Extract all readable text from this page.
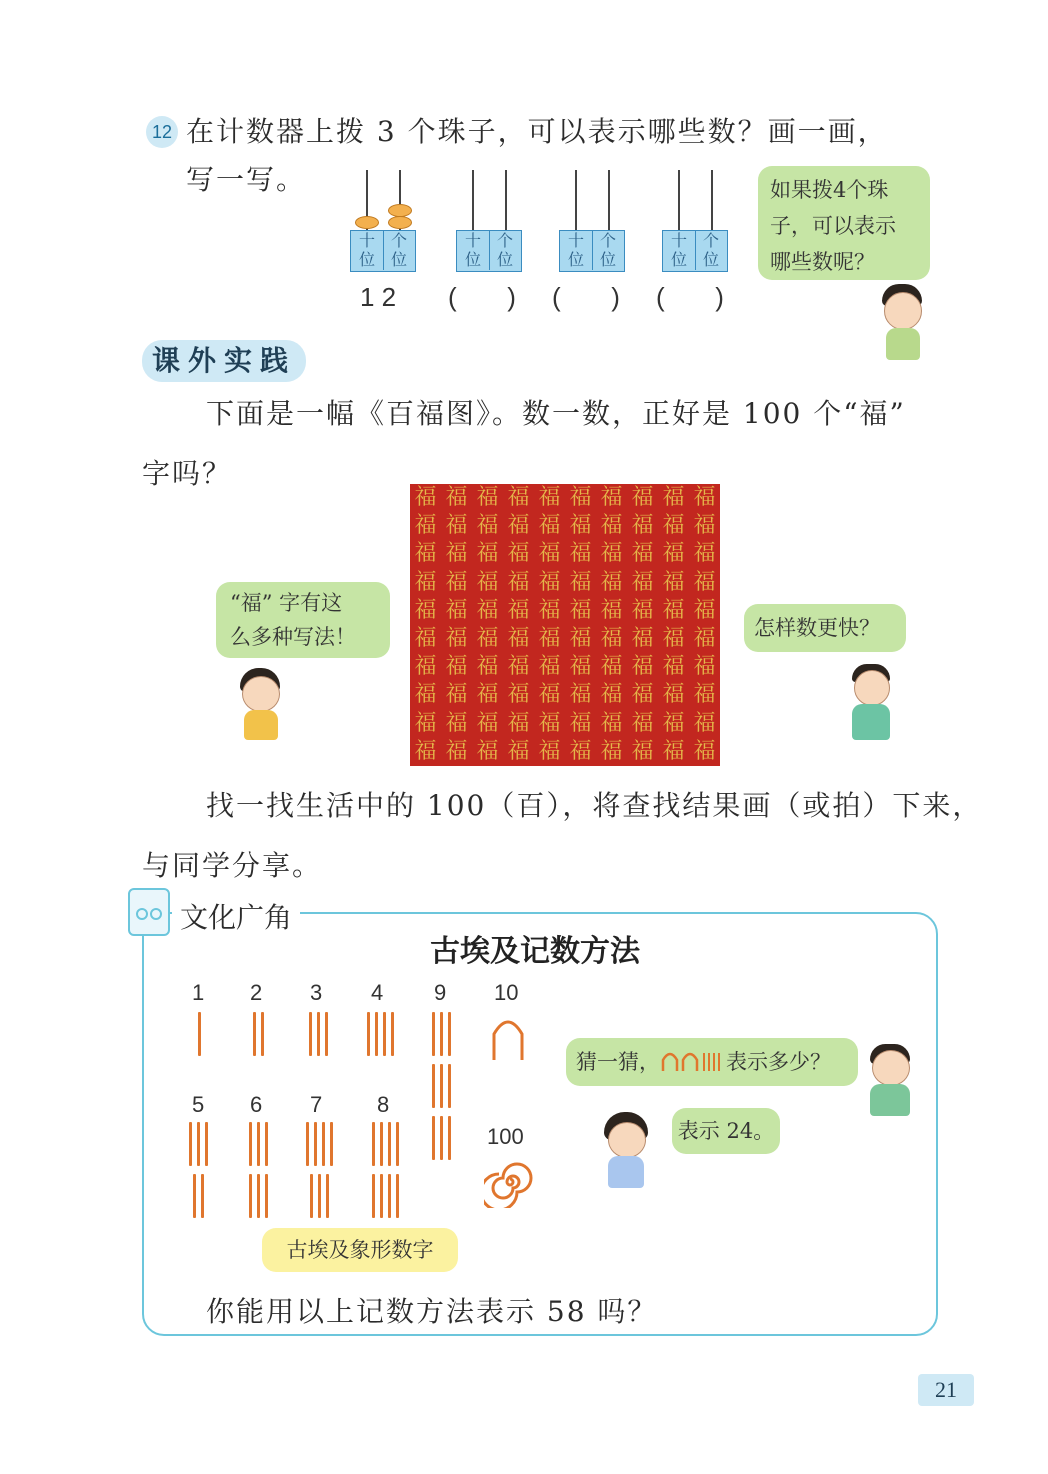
12 在计数器上拨 3 个珠子，可以表示哪些数？画一画，
写一写。
十
位
个
位
十
位
个
位
十
位
个
位
十
位
个
位
1 2 (       ) (       ) (       )
如果拨4个珠
子，可以表示
哪些数呢？
课外实践
下面是一幅《百福图》。数一数，正好是 100 个“福”
字吗？
福 福 福 福 福 福 福 福 福 福
福 福 福 福 福 福 福 福 福 福
福 福 福 福 福 福 福 福 福 福
福 福 福 福 福 福 福 福 福 福
福 福 福 福 福 福 福 福 福 福
福 福 福 福 福 福 福 福 福 福
福 福 福 福 福 福 福 福 福 福
福 福 福 福 福 福 福 福 福 福
福 福 福 福 福 福 福 福 福 福
福 福 福 福 福 福 福 福 福 福
“福” 字有这
么多种写法！	怎样数更快？
找一找生活中的 100（百），将查找结果画（或拍）下来，
与同学分享。
文化广角
古埃及记数方法
1 2 3 4 9 10
5 6 7 8
100
古埃及象形数字
猜一猜，	表示多少？
表示 24。
你能用以上记数方法表示 58 吗？
21
